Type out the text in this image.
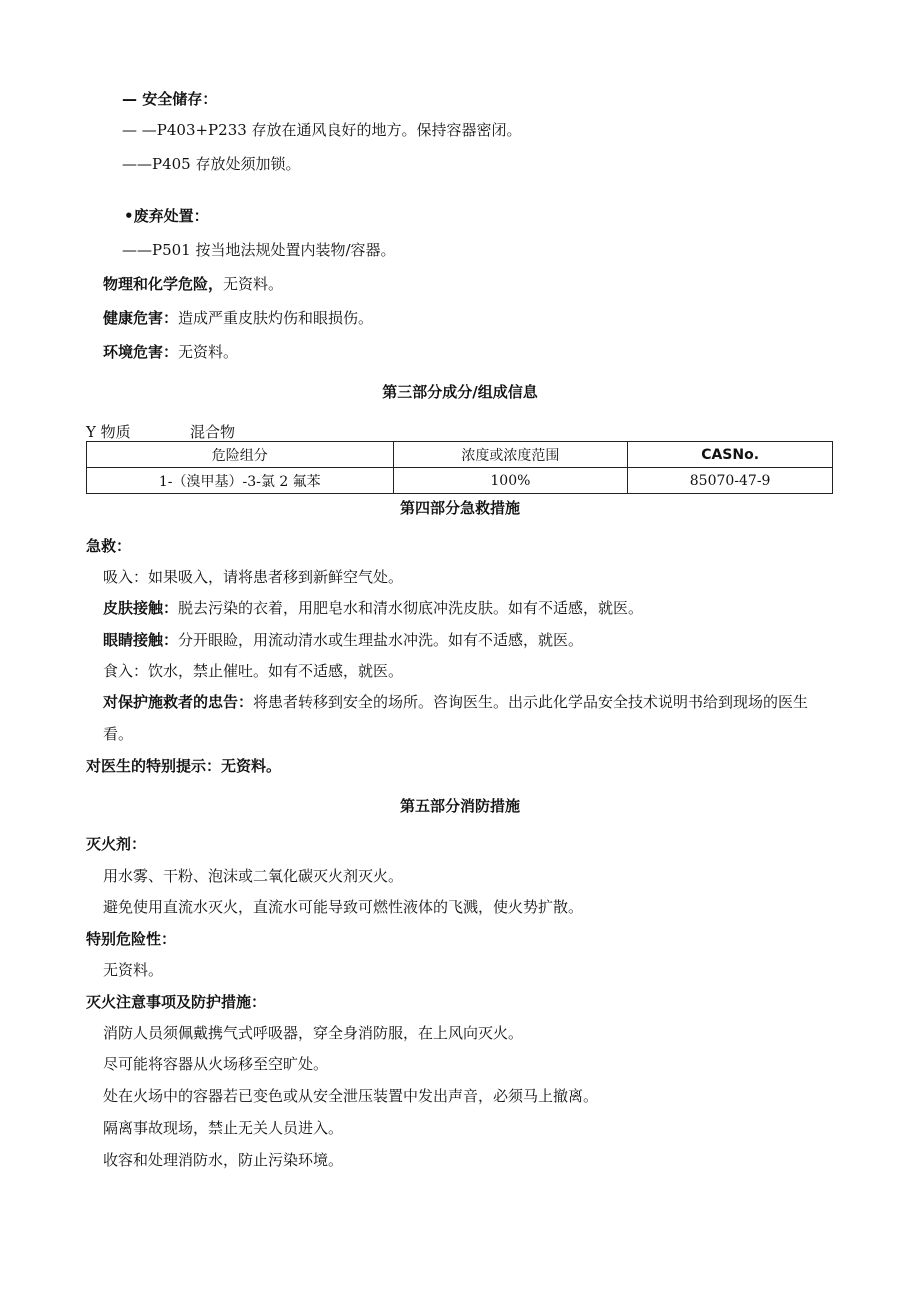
— 安全储存：
— —P403+P233 存放在通风良好的地方。保持容器密闭。
——P405 存放处须加锁。
•废弃处置：
——P501 按当地法规处置内装物/容器。
物理和化学危险，无资料。
健康危害：造成严重皮肤灼伤和眼损伤。
环境危害：无资料。
第三部分成分/组成信息
Y 物质	混合物
危险组分	浓度或浓度范围	CASNo.
1-（溴甲基）-3-氯 2 氟苯	100%	85070-47-9
第四部分急救措施
急救：
吸入：如果吸入，请将患者移到新鲜空气处。
皮肤接触：脱去污染的衣着，用肥皂水和清水彻底冲洗皮肤。如有不适感，就医。
眼睛接触：分开眼睑，用流动清水或生理盐水冲洗。如有不适感，就医。
食入：饮水，禁止催吐。如有不适感，就医。
对保护施救者的忠告：将患者转移到安全的场所。咨询医生。出示此化学品安全技术说明书给到现场的医生
看。
对医生的特别提示：无资料。
第五部分消防措施
灭火剂：
用水雾、干粉、泡沫或二氧化碳灭火剂灭火。
避免使用直流水灭火，直流水可能导致可燃性液体的飞溅，使火势扩散。
特别危险性：
无资料。
灭火注意事项及防护措施：
消防人员须佩戴携气式呼吸器，穿全身消防服，在上风向灭火。
尽可能将容器从火场移至空旷处。
处在火场中的容器若已变色或从安全泄压装置中发出声音，必须马上撤离。
隔离事故现场，禁止无关人员进入。
收容和处理消防水，防止污染环境。
